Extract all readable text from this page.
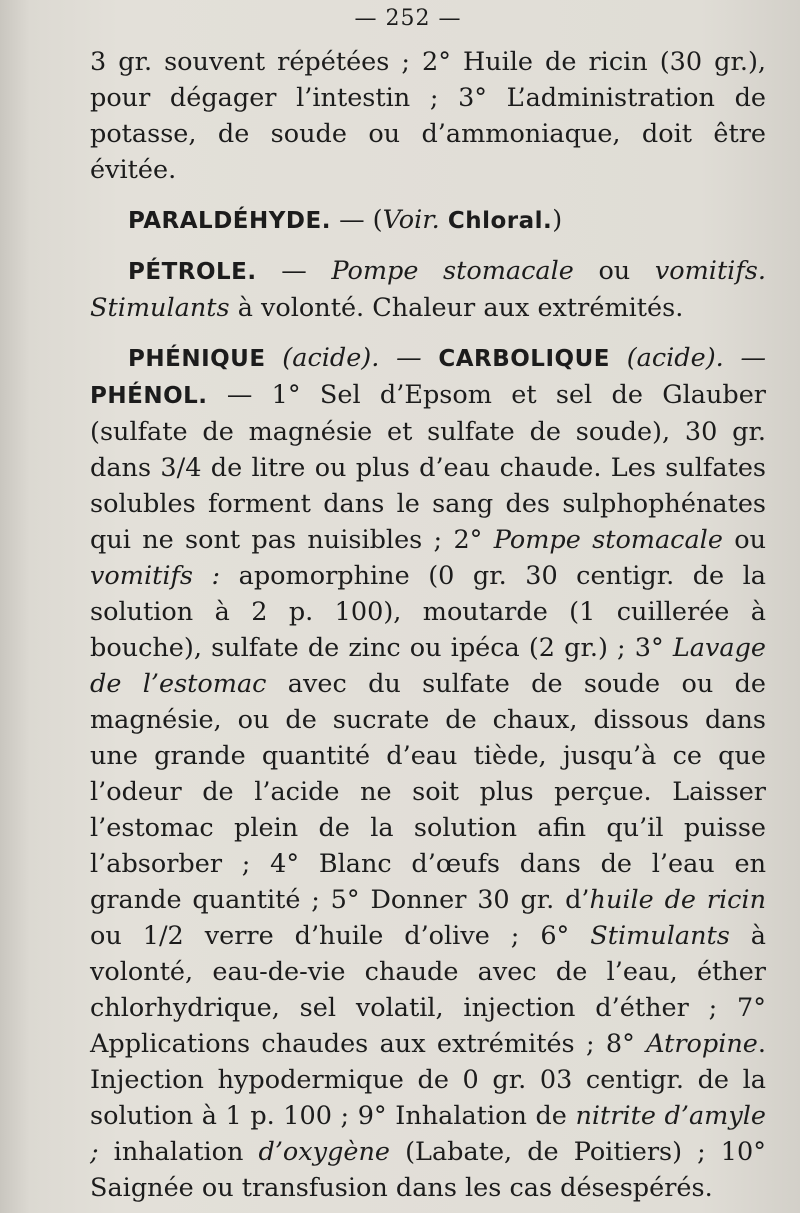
— 252 —

3 gr. souvent répétées ; 2° Huile de ricin (30 gr.), pour dégager l’intestin ; 3° L’administration de potasse, de soude ou d’ammoniaque, doit être évitée.

PARALDÉHYDE. — (Voir. Chloral.)

PÉTROLE. — Pompe stomacale ou vomitifs. Stimulants à volonté. Chaleur aux extrémités.

PHÉNIQUE (acide). — CARBOLIQUE (acide). — PHÉNOL. — 1° Sel d’Epsom et sel de Glauber (sulfate de magnésie et sulfate de soude), 30 gr. dans 3/4 de litre ou plus d’eau chaude. Les sulfates solubles forment dans le sang des sulphophénates qui ne sont pas nuisibles ; 2° Pompe stomacale ou vomitifs : apomorphine (0 gr. 30 centigr. de la solution à 2 p. 100), moutarde (1 cuillerée à bouche), sulfate de zinc ou ipéca (2 gr.) ; 3° Lavage de l’estomac avec du sulfate de soude ou de magnésie, ou de sucrate de chaux, dissous dans une grande quantité d’eau tiède, jusqu’à ce que l’odeur de l’acide ne soit plus perçue. Laisser l’estomac plein de la solution afin qu’il puisse l’absorber ; 4° Blanc d’œufs dans de l’eau en grande quantité ; 5° Donner 30 gr. d’huile de ricin ou 1/2 verre d’huile d’olive ; 6° Stimulants à volonté, eau-de-vie chaude avec de l’eau, éther chlorhydrique, sel volatil, injection d’éther ; 7° Applications chaudes aux extrémités ; 8° Atropine. Injection hypodermique de 0 gr. 03 centigr. de la solution à 1 p. 100 ; 9° Inhalation de nitrite d’amyle ; inhalation d’oxygène (Labate, de Poitiers) ; 10° Saignée ou transfusion dans les cas désespérés.
